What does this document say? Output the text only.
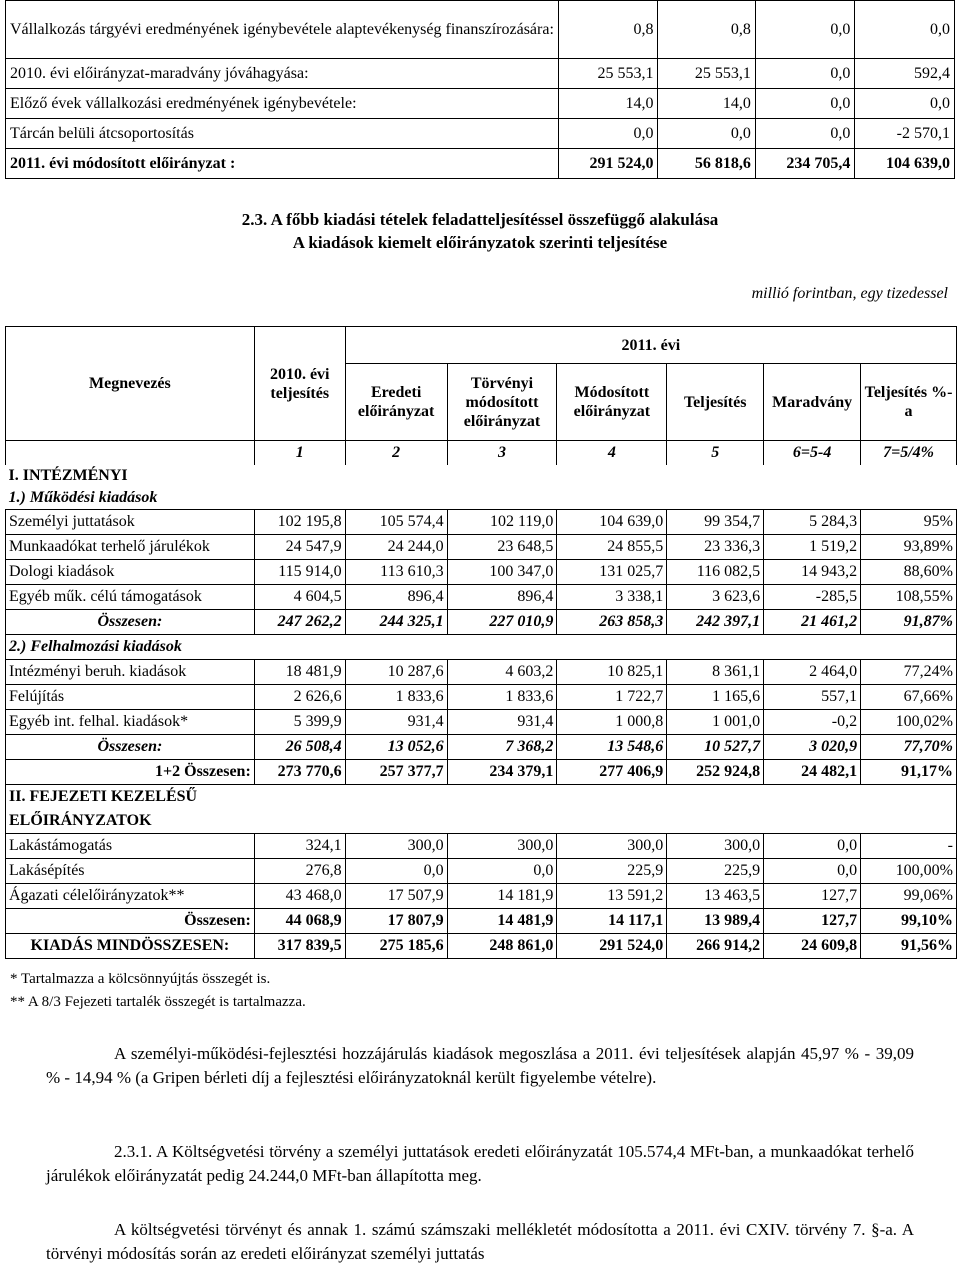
Vállalkozás tárgyévi eredményének igénybevétele alaptevékenység finanszírozására:	0,8	0,8	0,0	0,0
2010. évi előirányzat-maradvány jóváhagyása:	25 553,1	25 553,1	0,0	592,4
Előző évek vállalkozási eredményének igénybevétele:	14,0	14,0	0,0	0,0
Tárcán belüli átcsoportosítás	0,0	0,0	0,0	-2 570,1
2011. évi módosított előirányzat :	291 524,0	56 818,6	234 705,4	104 639,0
2.3. A főbb kiadási tételek feladatteljesítéssel összefüggő alakulása
A kiadások kiemelt előirányzatok szerinti teljesítése
millió forintban, egy tizedessel
Megnevezés	2010. évi teljesítés	2011. évi					
		Eredeti előirányzat	Törvényi módosított előirányzat	Módosított előirányzat	Teljesítés	Maradvány	Teljesítés %-a
	1	2	3	4	5	6=5-4	7=5/4%
I. INTÉZMÉNYI							
1.) Működési kiadások							
Személyi juttatások	102 195,8	105 574,4	102 119,0	104 639,0	99 354,7	5 284,3	95%
Munkaadókat terhelő járulékok	24 547,9	24 244,0	23 648,5	24 855,5	23 336,3	1 519,2	93,89%
Dologi kiadások	115 914,0	113 610,3	100 347,0	131 025,7	116 082,5	14 943,2	88,60%
Egyéb műk. célú támogatások	4 604,5	896,4	896,4	3 338,1	3 623,6	-285,5	108,55%
Összesen:	247 262,2	244 325,1	227 010,9	263 858,3	242 397,1	21 461,2	91,87%
2.) Felhalmozási kiadások							
Intézményi beruh. kiadások	18 481,9	10 287,6	4 603,2	10 825,1	8 361,1	2 464,0	77,24%
Felújítás	2 626,6	1 833,6	1 833,6	1 722,7	1 165,6	557,1	67,66%
Egyéb int. felhal. kiadások*	5 399,9	931,4	931,4	1 000,8	1 001,0	-0,2	100,02%
Összesen:	26 508,4	13 052,6	7 368,2	13 548,6	10 527,7	3 020,9	77,70%
1+2 Összesen:	273 770,6	257 377,7	234 379,1	277 406,9	252 924,8	24 482,1	91,17%
II. FEJEZETI KEZELÉSŰ ELŐIRÁNYZATOK							
Lakástámogatás	324,1	300,0	300,0	300,0	300,0	0,0	-
Lakásépítés	276,8	0,0	0,0	225,9	225,9	0,0	100,00%
Ágazati célelőirányzatok**	43 468,0	17 507,9	14 181,9	13 591,2	13 463,5	127,7	99,06%
Összesen:	44 068,9	17 807,9	14 481,9	14 117,1	13 989,4	127,7	99,10%
KIADÁS MINDÖSSZESEN:	317 839,5	275 185,6	248 861,0	291 524,0	266 914,2	24 609,8	91,56%
* Tartalmazza a kölcsönnyújtás összegét is.
** A 8/3 Fejezeti tartalék összegét is tartalmazza.
A személyi-működési-fejlesztési hozzájárulás kiadások megoszlása a 2011. évi teljesítések alapján 45,97 % - 39,09 % - 14,94 % (a Gripen bérleti díj a fejlesztési előirányzatoknál került figyelembe vételre).
2.3.1. A Költségvetési törvény a személyi juttatások eredeti előirányzatát 105.574,4 MFt-ban, a munkaadókat terhelő járulékok előirányzatát pedig 24.244,0 MFt-ban állapította meg.
A költségvetési törvényt és annak 1. számú számszaki mellékletét módosította a 2011. évi CXIV. törvény 7. §-a. A törvényi módosítás során az eredeti előirányzat személyi juttatás
